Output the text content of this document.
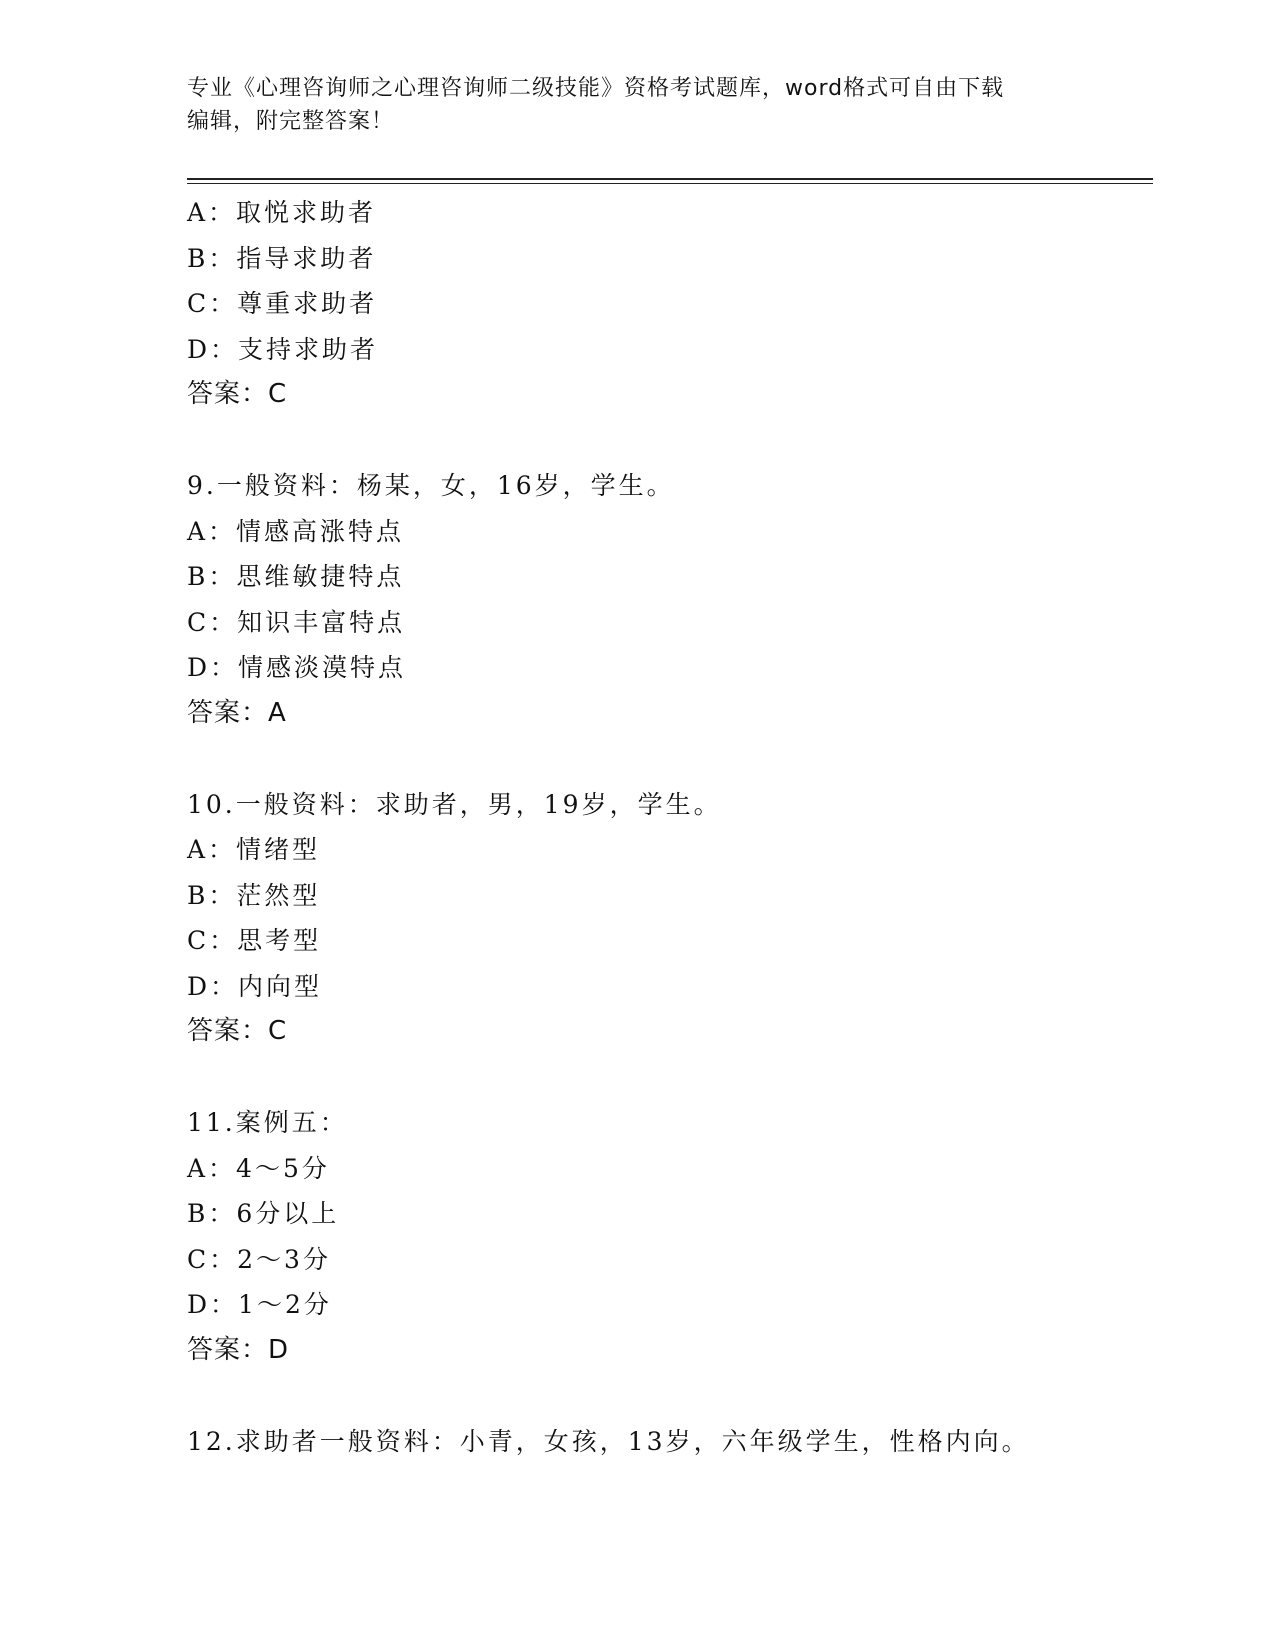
专业《心理咨询师之心理咨询师二级技能》资格考试题库，word格式可自由下载
编辑，附完整答案！
A：取悦求助者
B：指导求助者
C：尊重求助者
D：支持求助者
答案：C
9.一般资料：杨某，女，16岁，学生。
A：情感高涨特点
B：思维敏捷特点
C：知识丰富特点
D：情感淡漠特点
答案：A
10.一般资料：求助者，男，19岁，学生。
A：情绪型
B：茫然型
C：思考型
D：内向型
答案：C
11.案例五：
A：4～5分
B：6分以上
C：2～3分
D：1～2分
答案：D
12.求助者一般资料：小青，女孩，13岁，六年级学生，性格内向。
